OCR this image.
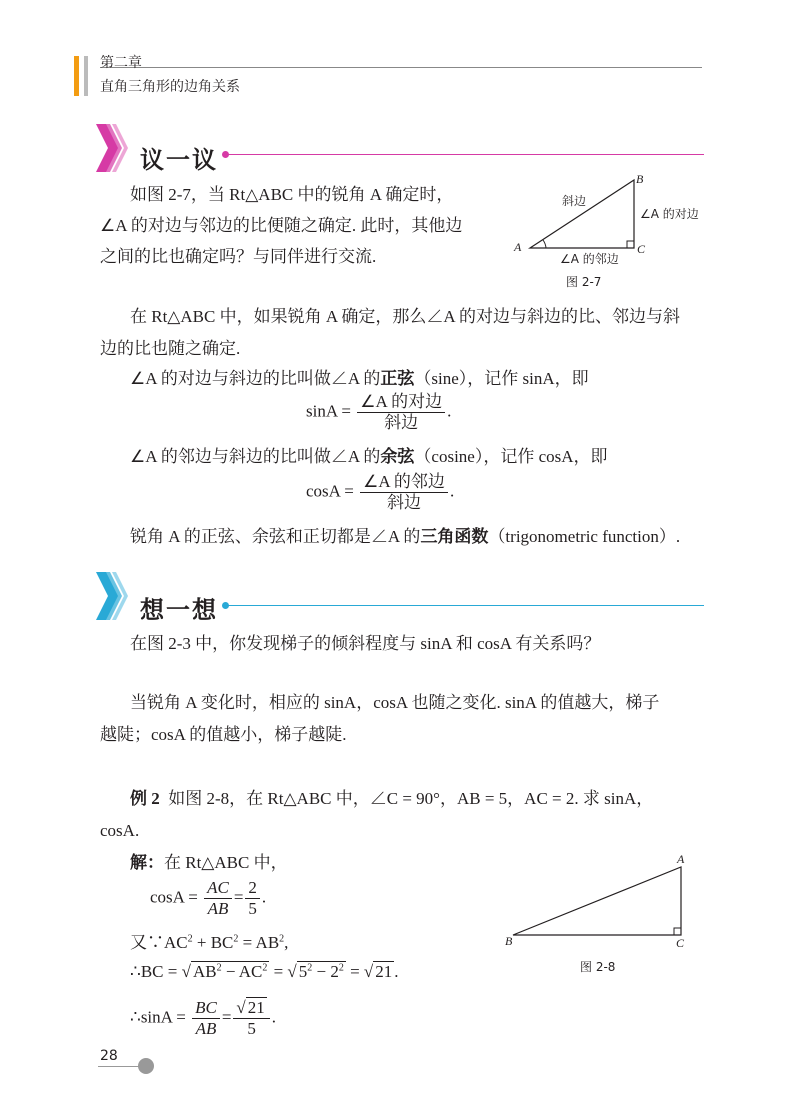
第二章
直角三角形的边角关系
议一议
如图 2-7，当 Rt△ABC 中的锐角 A 确定时，
∠A 的对边与邻边的比便随之确定. 此时，其他边
之间的比也确定吗？与同伴进行交流.	A
B
C
斜边
∠A 的对边
∠A 的邻边
图 2-7
在 Rt△ABC 中，如果锐角 A 确定，那么∠A 的对边与斜边的比、邻边与斜
边的比也随之确定.
∠A 的对边与斜边的比叫做∠A 的正弦（sine），记作 sinA，即
$\sin A = \frac{\text{∠A 的对边}}{\text{斜边}}$ .
∠A 的邻边与斜边的比叫做∠A 的余弦（cosine），记作 cosA，即
$\cos A = \frac{\text{∠A 的邻边}}{\text{斜边}}$ .
锐角 A 的正弦、余弦和正切都是∠A 的三角函数（trigonometric function）.
想一想
在图 2-3 中，你发现梯子的倾斜程度与 sinA 和 cosA 有关系吗？
当锐角 A 变化时，相应的 sinA，cosA 也随之变化. sinA 的值越大，梯子
越陡；cosA 的值越小，梯子越陡.
例 2 如图 2-8，在 Rt△ABC 中，∠C = 90°，AB = 5，AC = 2. 求 sinA，
cosA.
解：在 Rt△ABC 中，
$\cos A = \frac{AC}{AB} = \frac{2}{5}$ .
又$\because AC^2 + BC^2 = AB^2$,
∴BC = √ $AB^2 - AC^2$ = √ $5^2 - 2^2$ = √ 21 .
∴sinA = $\frac{BC}{AB} = \frac{√ 21}{5}$ .
A
B	C
图 2-8
28
